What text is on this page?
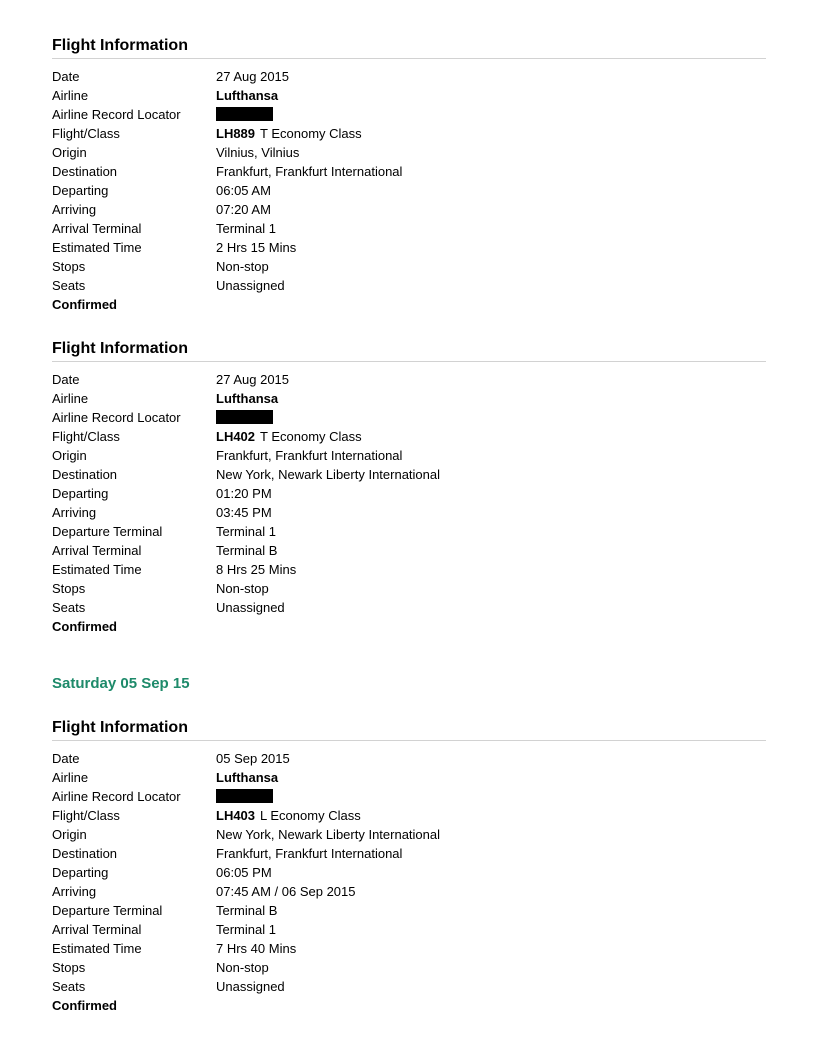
Flight Information
Date	27 Aug 2015
Airline	Lufthansa
Airline Record Locator
Flight/Class	LH889 T Economy Class
Origin	Vilnius, Vilnius
Destination	Frankfurt, Frankfurt International
Departing	06:05 AM
Arriving	07:20 AM
Arrival Terminal	Terminal 1
Estimated Time	2 Hrs 15 Mins
Stops	Non-stop
Seats	Unassigned
Confirmed
Flight Information
Date	27 Aug 2015
Airline	Lufthansa
Airline Record Locator
Flight/Class	LH402 T Economy Class
Origin	Frankfurt, Frankfurt International
Destination	New York, Newark Liberty International
Departing	01:20 PM
Arriving	03:45 PM
Departure Terminal	Terminal 1
Arrival Terminal	Terminal B
Estimated Time	8 Hrs 25 Mins
Stops	Non-stop
Seats	Unassigned
Confirmed
Saturday 05 Sep 15
Flight Information
Date	05 Sep 2015
Airline	Lufthansa
Airline Record Locator
Flight/Class	LH403 L Economy Class
Origin	New York, Newark Liberty International
Destination	Frankfurt, Frankfurt International
Departing	06:05 PM
Arriving	07:45 AM / 06 Sep 2015
Departure Terminal	Terminal B
Arrival Terminal	Terminal 1
Estimated Time	7 Hrs 40 Mins
Stops	Non-stop
Seats	Unassigned
Confirmed
